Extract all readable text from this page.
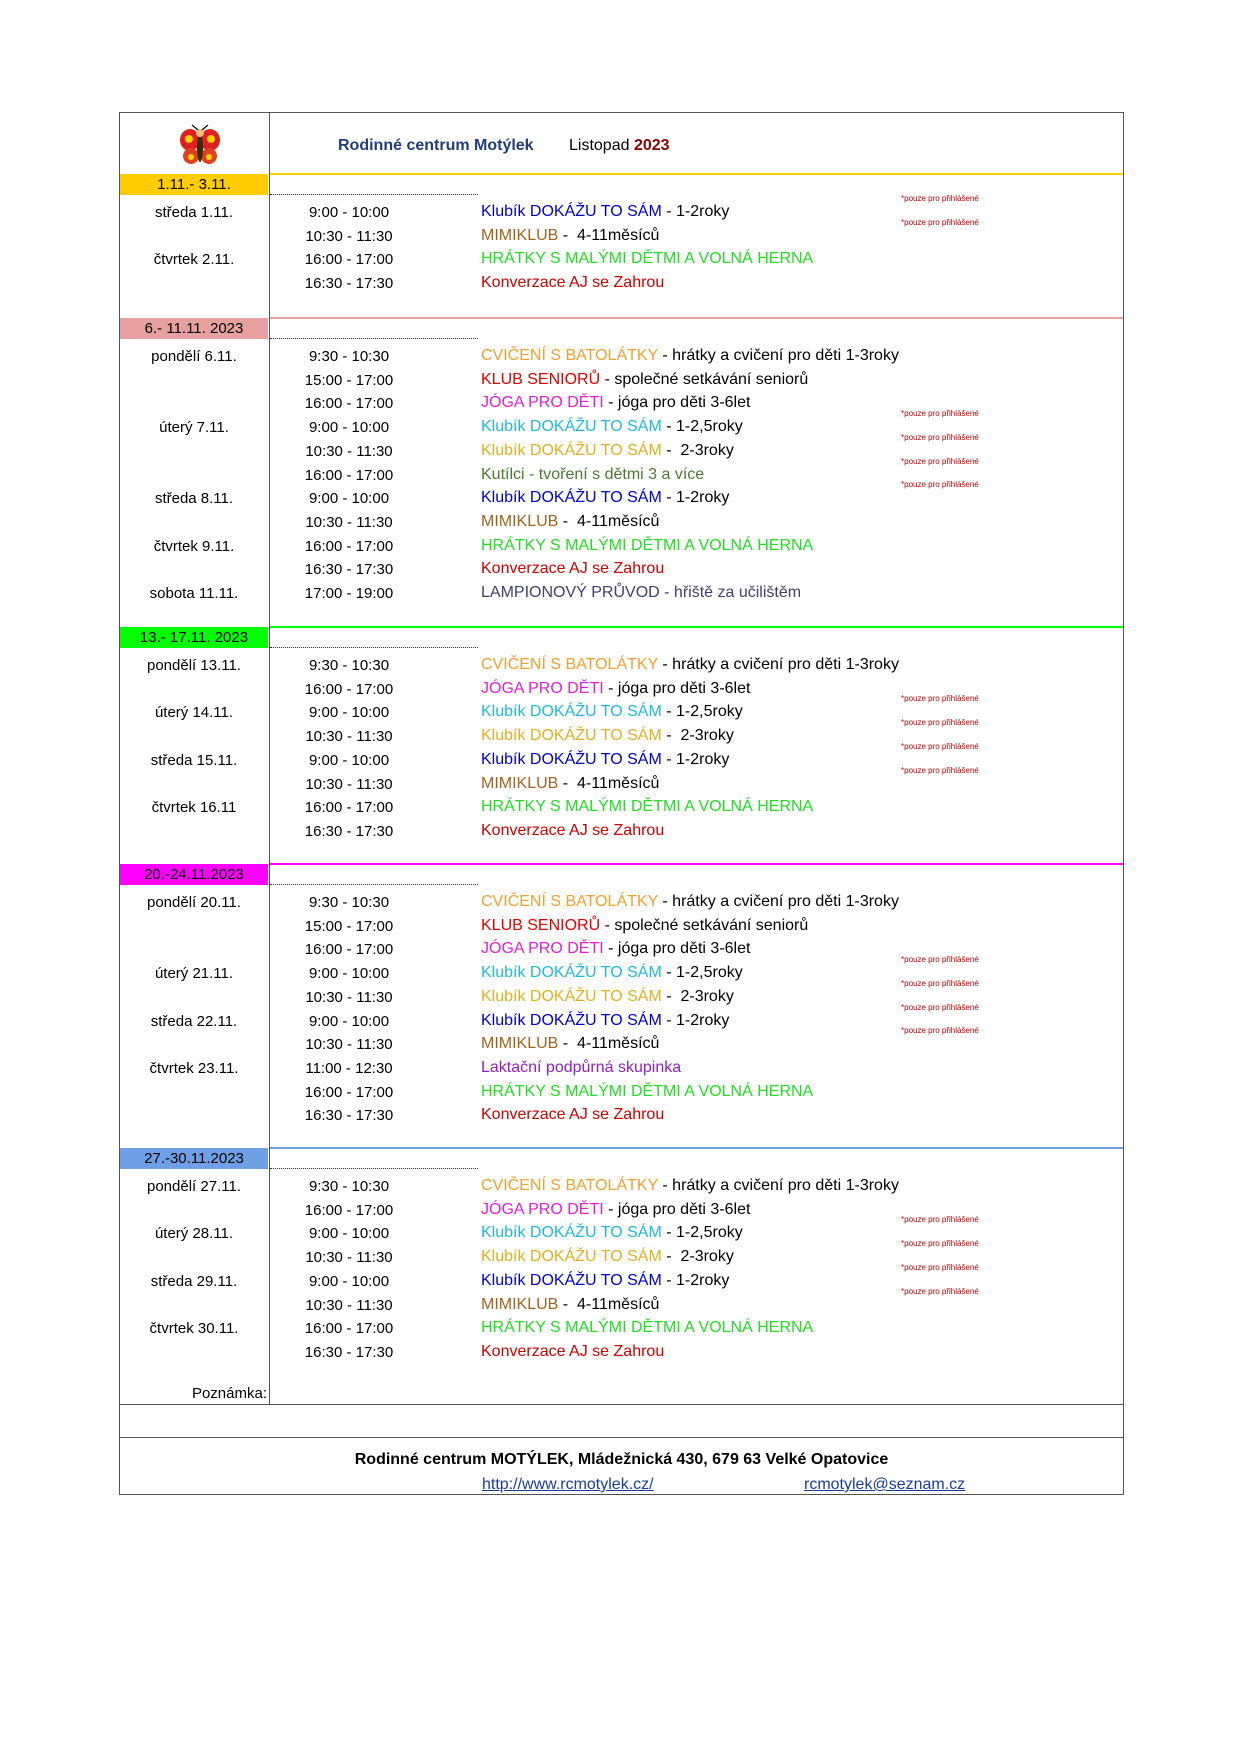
Rodinné centrum Motýlek Listopad 2023
1.11.- 3.11.
středa 1.11.	9:00 - 10:00	Klubík DOKÁŽU TO SÁM - 1-2roky
10:30 - 11:30	MIMIKLUB -  4-11měsíců
čtvrtek 2.11.	16:00 - 17:00	HRÁTKY S MALÝMI DĚTMI A VOLNÁ HERNA
16:30 - 17:30	Konverzace AJ se Zahrou
*pouze pro přihlášené
*pouze pro přihlášené
6.- 11.11. 2023
pondělí 6.11.	9:30 - 10:30	CVIČENÍ S BATOLÁTKY - hrátky a cvičení pro děti 1-3roky
15:00 - 17:00	KLUB SENIORŮ - společné setkávání seniorů
16:00 - 17:00	JÓGA PRO DĚTI - jóga pro děti 3-6let
úterý 7.11.	9:00 - 10:00	Klubík DOKÁŽU TO SÁM - 1-2,5roky
10:30 - 11:30	Klubík DOKÁŽU TO SÁM -  2-3roky
16:00 - 17:00	Kutílci - tvoření s dětmi 3 a více
středa 8.11.	9:00 - 10:00	Klubík DOKÁŽU TO SÁM - 1-2roky
10:30 - 11:30	MIMIKLUB -  4-11měsíců
čtvrtek 9.11.	16:00 - 17:00	HRÁTKY S MALÝMI DĚTMI A VOLNÁ HERNA
16:30 - 17:30	Konverzace AJ se Zahrou
sobota 11.11.	17:00 - 19:00	LAMPIONOVÝ PRŮVOD - hřiště za učilištěm
*pouze pro přihlášené
*pouze pro přihlášené
*pouze pro přihlášené
*pouze pro přihlášené
13.- 17.11. 2023
pondělí 13.11.	9:30 - 10:30	CVIČENÍ S BATOLÁTKY - hrátky a cvičení pro děti 1-3roky
16:00 - 17:00	JÓGA PRO DĚTI - jóga pro děti 3-6let
úterý 14.11.	9:00 - 10:00	Klubík DOKÁŽU TO SÁM - 1-2,5roky
10:30 - 11:30	Klubík DOKÁŽU TO SÁM -  2-3roky
středa 15.11.	9:00 - 10:00	Klubík DOKÁŽU TO SÁM - 1-2roky
10:30 - 11:30	MIMIKLUB -  4-11měsíců
čtvrtek 16.11	16:00 - 17:00	HRÁTKY S MALÝMI DĚTMI A VOLNÁ HERNA
16:30 - 17:30	Konverzace AJ se Zahrou
*pouze pro přihlášené
*pouze pro přihlášené
*pouze pro přihlášené
*pouze pro přihlášené
20.-24.11.2023
pondělí 20.11.	9:30 - 10:30	CVIČENÍ S BATOLÁTKY - hrátky a cvičení pro děti 1-3roky
15:00 - 17:00	KLUB SENIORŮ - společné setkávání seniorů
16:00 - 17:00	JÓGA PRO DĚTI - jóga pro děti 3-6let
úterý 21.11.	9:00 - 10:00	Klubík DOKÁŽU TO SÁM - 1-2,5roky
10:30 - 11:30	Klubík DOKÁŽU TO SÁM -  2-3roky
středa 22.11.	9:00 - 10:00	Klubík DOKÁŽU TO SÁM - 1-2roky
10:30 - 11:30	MIMIKLUB -  4-11měsíců
čtvrtek 23.11.	11:00 - 12:30	Laktační podpůrná skupinka
16:00 - 17:00	HRÁTKY S MALÝMI DĚTMI A VOLNÁ HERNA
16:30 - 17:30	Konverzace AJ se Zahrou
*pouze pro přihlášené
*pouze pro přihlášené
*pouze pro přihlášené
*pouze pro přihlášené
27.-30.11.2023
pondělí 27.11.	9:30 - 10:30	CVIČENÍ S BATOLÁTKY - hrátky a cvičení pro děti 1-3roky
16:00 - 17:00	JÓGA PRO DĚTI - jóga pro děti 3-6let
úterý 28.11.	9:00 - 10:00	Klubík DOKÁŽU TO SÁM - 1-2,5roky
10:30 - 11:30	Klubík DOKÁŽU TO SÁM -  2-3roky
středa 29.11.	9:00 - 10:00	Klubík DOKÁŽU TO SÁM - 1-2roky
10:30 - 11:30	MIMIKLUB -  4-11měsíců
čtvrtek 30.11.	16:00 - 17:00	HRÁTKY S MALÝMI DĚTMI A VOLNÁ HERNA
16:30 - 17:30	Konverzace AJ se Zahrou
*pouze pro přihlášené
*pouze pro přihlášené
*pouze pro přihlášené
*pouze pro přihlášené
Poznámka:
Rodinné centrum MOTÝLEK, Mládežnická 430, 679 63 Velké Opatovice
http://www.rcmotylek.cz/	rcmotylek@seznam.cz
